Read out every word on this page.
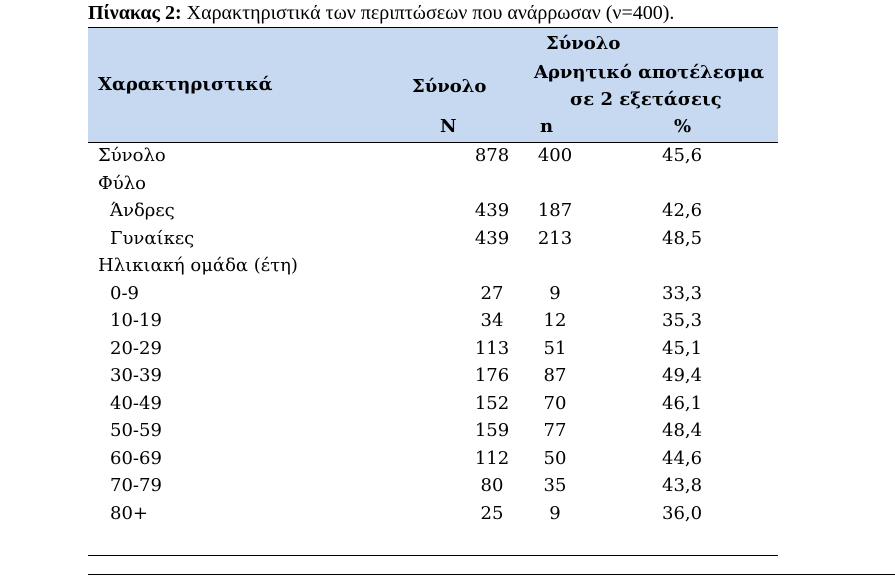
Πίνακας 2: Χαρακτηριστικά των περιπτώσεων που ανάρρωσαν (ν=400).
Χαρακτηριστικά	Σύνολο
Σύνολο
Αρνητικό αποτέλεσμα
σε 2 εξετάσεις
N	n	%
Σύνολο	878	400	45,6
Φύλο
Άνδρες	439	187	42,6
Γυναίκες	439	213	48,5
Ηλικιακή ομάδα (έτη)
0-9	27	9	33,3
10-19	34	12	35,3
20-29	113	51	45,1
30-39	176	87	49,4
40-49	152	70	46,1
50-59	159	77	48,4
60-69	112	50	44,6
70-79	80	35	43,8
80+	25	9	36,0
